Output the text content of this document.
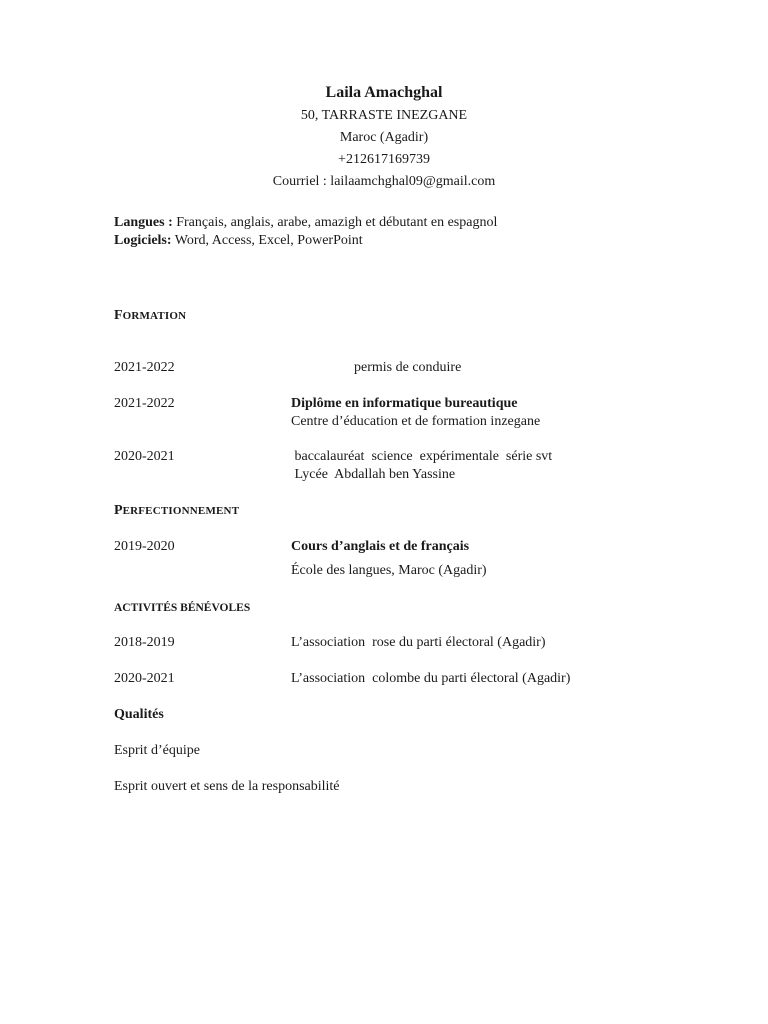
Laila Amachghal
50, TARRASTE INEZGANE
Maroc (Agadir)
+212617169739
Courriel : lailaamchghal09@gmail.com
Langues : Français, anglais, arabe, amazigh et débutant en espagnol
Logiciels: Word, Access, Excel, PowerPoint
FORMATION
2021-2022	permis de conduire
2021-2022	Diplôme en informatique bureautique
Centre d’éducation et de formation inzegane
2020-2021	baccalauréat  science  expérimentale  série svt
Lycée  Abdallah ben Yassine
PERFECTIONNEMENT
2019-2020	Cours d’anglais et de français
École des langues, Maroc (Agadir)
ACTIVITÉS BÉNÉVOLES
2018-2019	L’association  rose du parti électoral (Agadir)
2020-2021	L’association  colombe du parti électoral (Agadir)
Qualités
Esprit d’équipe
Esprit ouvert et sens de la responsabilité
